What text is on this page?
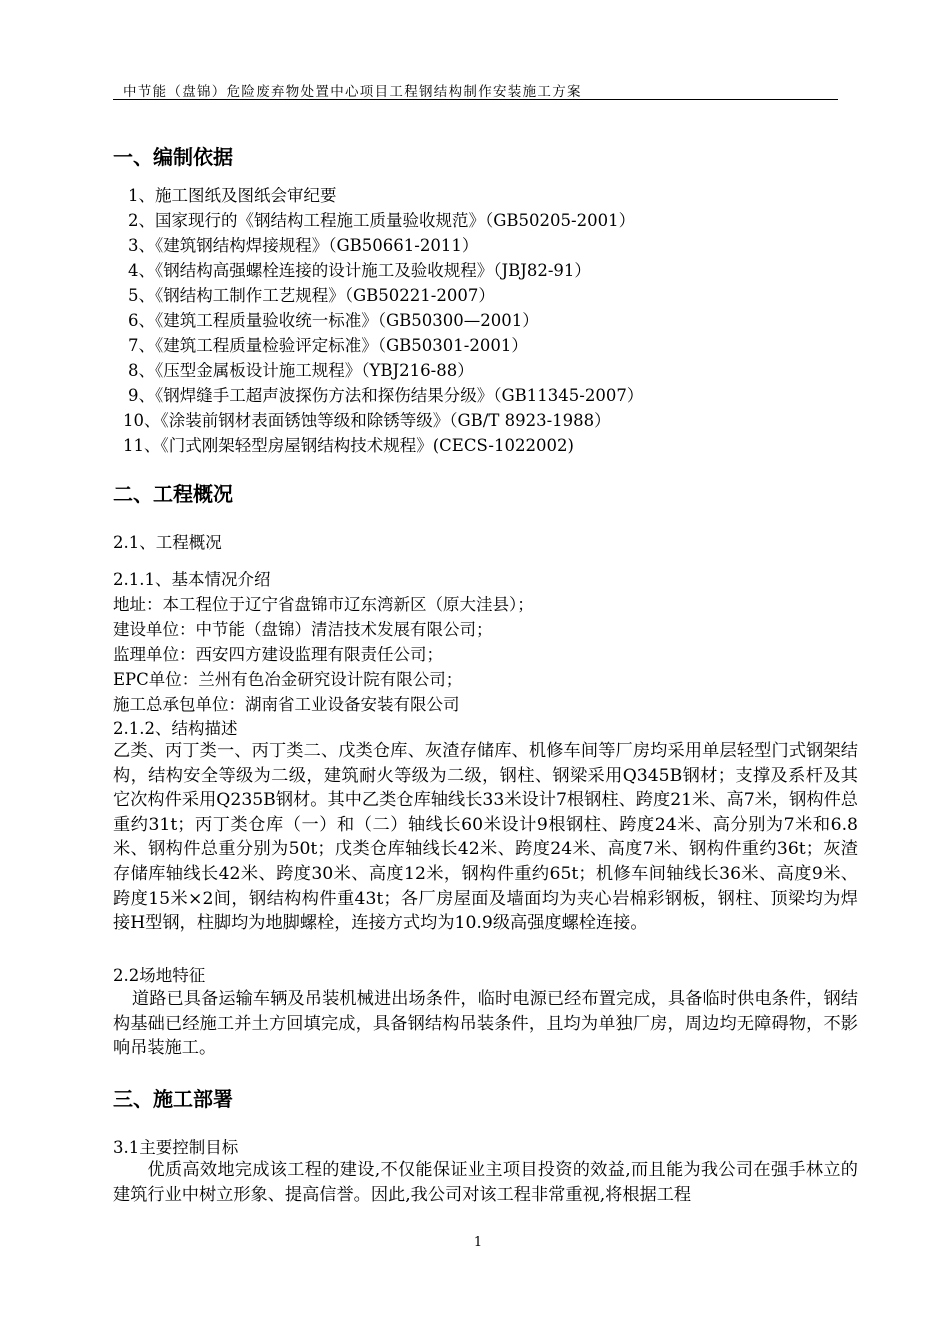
中节能（盘锦）危险废弃物处置中心项目工程钢结构制作安装施工方案
一、编制依据
1、施工图纸及图纸会审纪要
2、国家现行的《钢结构工程施工质量验收规范》（GB50205-2001）
3、《建筑钢结构焊接规程》（GB50661-2011）
4、《钢结构高强螺栓连接的设计施工及验收规程》（JBJ82-91）
5、《钢结构工制作工艺规程》（GB50221-2007）
6、《建筑工程质量验收统一标准》（GB50300—2001）
7、《建筑工程质量检验评定标准》（GB50301-2001）
8、《压型金属板设计施工规程》（YBJ216-88）
9、《钢焊缝手工超声波探伤方法和探伤结果分级》（GB11345-2007）
10、《涂装前钢材表面锈蚀等级和除锈等级》（GB/T 8923-1988）
11、《门式刚架轻型房屋钢结构技术规程》(CECS-1022002)
二、工程概况
2.1、工程概况
2.1.1、基本情况介绍
地址：本工程位于辽宁省盘锦市辽东湾新区（原大洼县）；
建设单位：中节能（盘锦）清洁技术发展有限公司；
监理单位：西安四方建设监理有限责任公司；
EPC单位：兰州有色冶金研究设计院有限公司；
施工总承包单位：湖南省工业设备安装有限公司
2.1.2、结构描述
乙类、丙丁类一、丙丁类二、戊类仓库、灰渣存储库、机修车间等厂房均采用单层轻型门式钢架结构，结构安全等级为二级，建筑耐火等级为二级，钢柱、钢梁采用Q345B钢材；支撑及系杆及其它次构件采用Q235B钢材。其中乙类仓库轴线长33米设计7根钢柱、跨度21米、高7米，钢构件总重约31t；丙丁类仓库（一）和（二）轴线长60米设计9根钢柱、跨度24米、高分别为7米和6.8米、钢构件总重分别为50t；戊类仓库轴线长42米、跨度24米、高度7米、钢构件重约36t；灰渣存储库轴线长42米、跨度30米、高度12米，钢构件重约65t；机修车间轴线长36米、高度9米、跨度15米×2间，钢结构构件重43t；各厂房屋面及墙面均为夹心岩棉彩钢板，钢柱、顶梁均为焊接H型钢，柱脚均为地脚螺栓，连接方式均为10.9级高强度螺栓连接。
2.2场地特征
道路已具备运输车辆及吊装机械进出场条件，临时电源已经布置完成，具备临时供电条件，钢结构基础已经施工并土方回填完成，具备钢结构吊装条件，且均为单独厂房，周边均无障碍物，不影响吊装施工。
三、施工部署
3.1主要控制目标
优质高效地完成该工程的建设,不仅能保证业主项目投资的效益,而且能为我公司在强手林立的建筑行业中树立形象、提高信誉。因此,我公司对该工程非常重视,将根据工程
1
